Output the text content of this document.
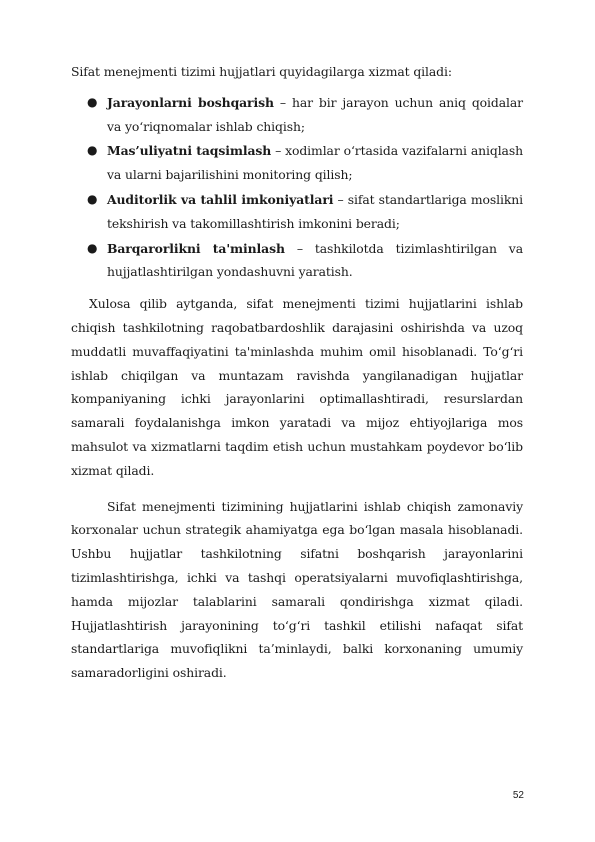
Sifat menejmenti tizimi hujjatlari quyidagilarga xizmat qiladi:

● Jarayonlarni boshqarish – har bir jarayon uchun aniq qoidalar va yo‘riqnomalar ishlab chiqish;
● Mas’uliyatni taqsimlash – xodimlar o‘rtasida vazifalarni aniqlash va ularni bajarilishini monitoring qilish;
● Auditorlik va tahlil imkoniyatlari – sifat standartlariga moslikni tekshirish va takomillashtirish imkonini beradi;
● Barqarorlikni ta'minlash – tashkilotda tizimlashtirilgan va hujjatlashtirilgan yondashuvni yaratish.

Xulosa qilib aytganda, sifat menejmenti tizimi hujjatlarini ishlab chiqish tashkilotning raqobatbardoshlik darajasini oshirishda va uzoq muddatli muvaffaqiyatini ta'minlashda muhim omil hisoblanadi. To‘g‘ri ishlab chiqilgan va muntazam ravishda yangilanadigan hujjatlar kompaniyaning ichki jarayonlarini optimallashtiradi, resurslardan samarali foydalanishga imkon yaratadi va mijoz ehtiyojlariga mos mahsulot va xizmatlarni taqdim etish uchun mustahkam poydevor bo‘lib xizmat qiladi.

Sifat menejmenti tizimining hujjatlarini ishlab chiqish zamonaviy korxonalar uchun strategik ahamiyatga ega bo‘lgan masala hisoblanadi. Ushbu hujjatlar tashkilotning sifatni boshqarish jarayonlarini tizimlashtirishga, ichki va tashqi operatsiyalarni muvofiqlashtirishga, hamda mijozlar talablarini samarali qondirishga xizmat qiladi. Hujjatlashtirish jarayonining to‘g‘ri tashkil etilishi nafaqat sifat standartlariga muvofiqlikni ta’minlaydi, balki korxonaning umumiy samaradorligini oshiradi.

52
